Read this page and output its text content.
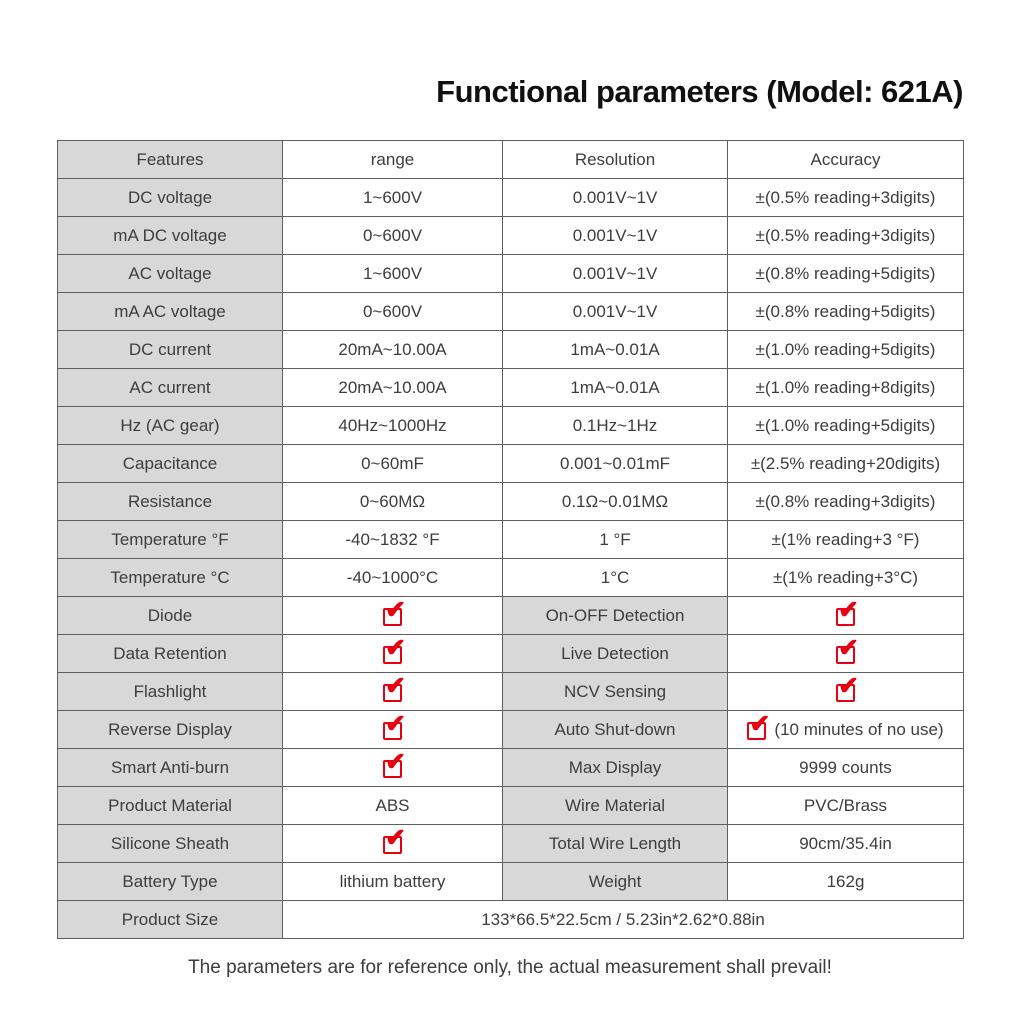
Functional parameters (Model: 621A)
Features	range	Resolution	Accuracy
DC voltage	1~600V	0.001V~1V	±(0.5% reading+3digits)
mA DC voltage	0~600V	0.001V~1V	±(0.5% reading+3digits)
AC voltage	1~600V	0.001V~1V	±(0.8% reading+5digits)
mA AC voltage	0~600V	0.001V~1V	±(0.8% reading+5digits)
DC current	20mA~10.00A	1mA~0.01A	±(1.0% reading+5digits)
AC current	20mA~10.00A	1mA~0.01A	±(1.0% reading+8digits)
Hz (AC gear)	40Hz~1000Hz	0.1Hz~1Hz	±(1.0% reading+5digits)
Capacitance	0~60mF	0.001~0.01mF	±(2.5% reading+20digits)
Resistance	0~60MΩ	0.1Ω~0.01MΩ	±(0.8% reading+3digits)
Temperature °F	-40~1832 °F	1 °F	±(1% reading+3 °F)
Temperature °C	-40~1000°C	1°C	±(1% reading+3°C)
Diode	✔	On-OFF Detection	✔
Data Retention	✔	Live Detection	✔
Flashlight	✔	NCV Sensing	✔
Reverse Display	✔	Auto Shut-down	✔(10 minutes of no use)
Smart Anti-burn	✔	Max Display	9999 counts
Product Material	ABS	Wire Material	PVC/Brass
Silicone Sheath	✔	Total Wire Length	90cm/35.4in
Battery Type	lithium battery	Weight	162g
Product Size	133*66.5*22.5cm / 5.23in*2.62*0.88in		
The parameters are for reference only, the actual measurement shall prevail!
